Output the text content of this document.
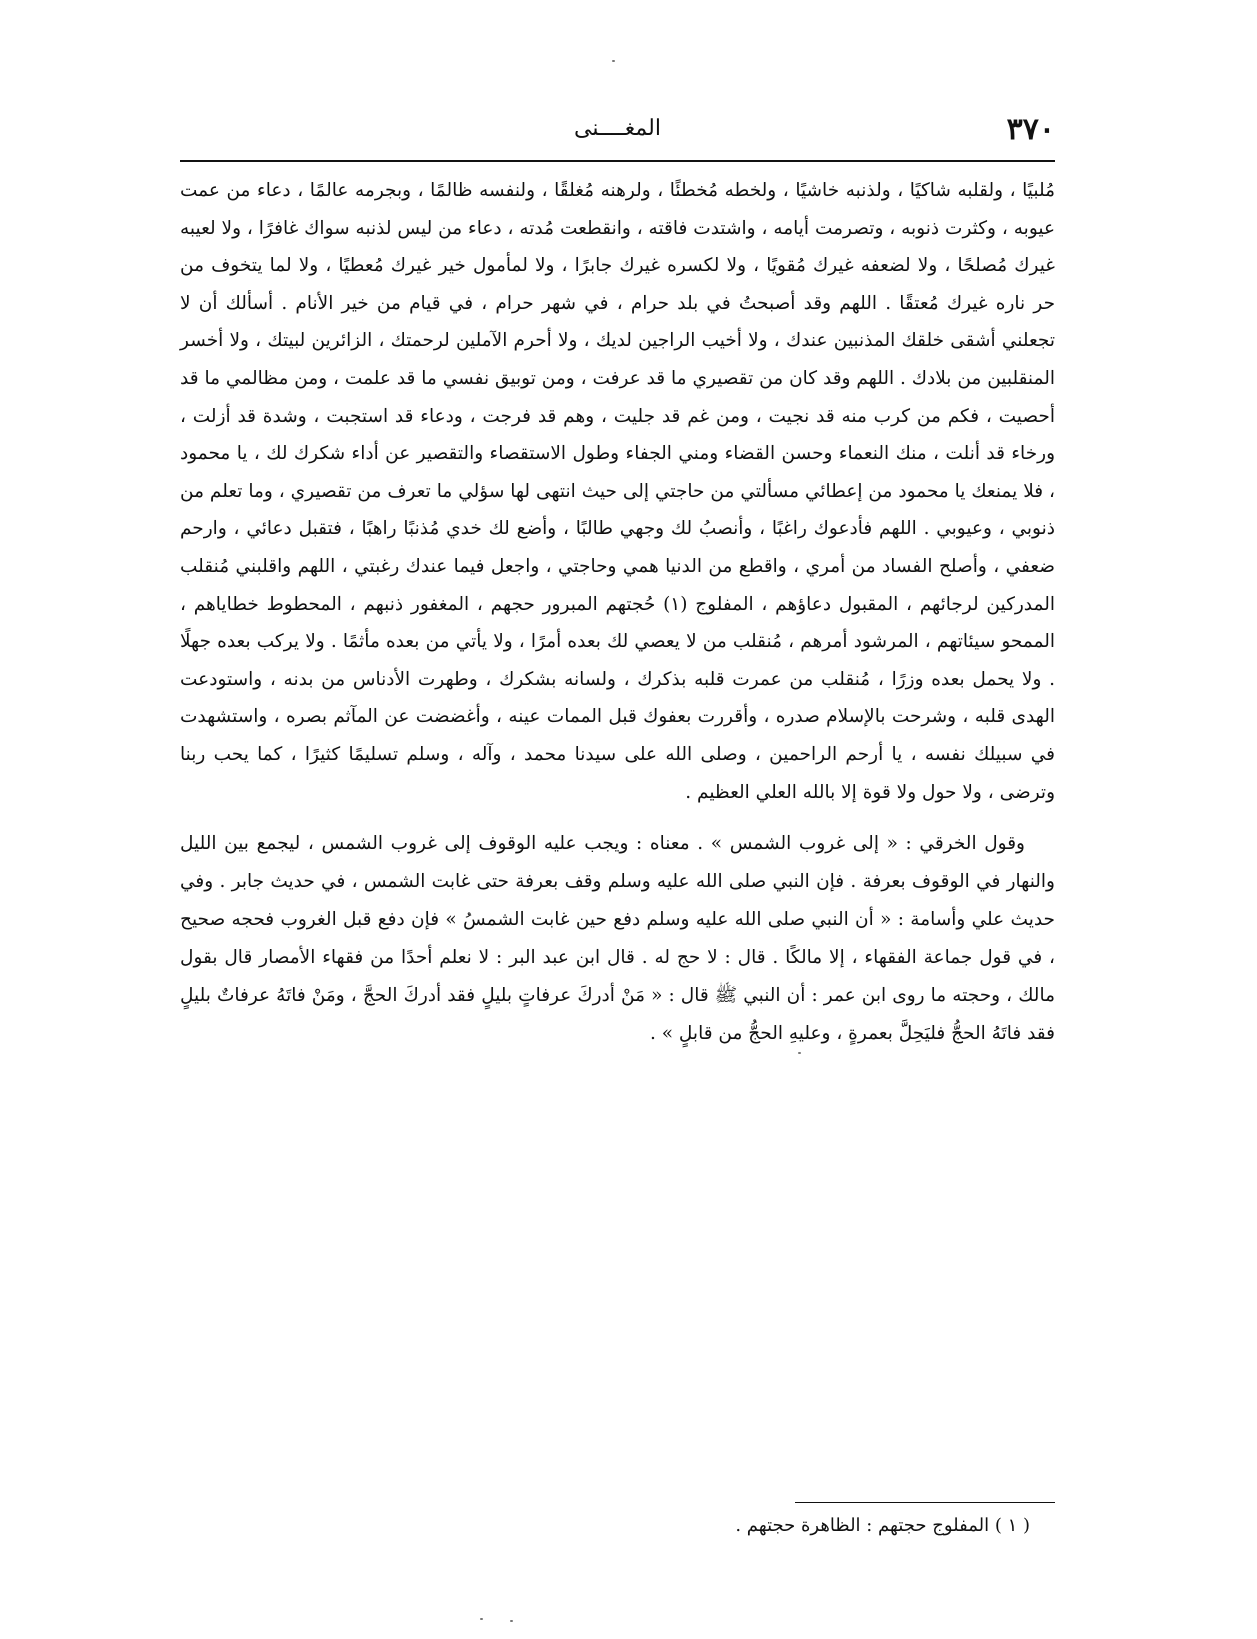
٣٧٠
المغــــنى

مُلبيًا ، ولقلبه شاكيًا ، ولذنبه خاشيًا ، ولخطه مُخطئًا ، ولرهنه مُغلقًا ، ولنفسه ظالمًا ، وبجرمه عالمًا ، دعاء من عمت عيوبه ، وكثرت ذنوبه ، وتصرمت أيامه ، واشتدت فاقته ، وانقطعت مُدته ، دعاء من ليس لذنبه سواك غافرًا ، ولا لعيبه غيرك مُصلحًا ، ولا لضعفه غيرك مُقويًا ، ولا لكسره غيرك جابرًا ، ولا لمأمول خير غيرك مُعطيًا ، ولا لما يتخوف من حر ناره غيرك مُعتقًا . اللهم وقد أصبحتُ في بلد حرام ، في شهر حرام ، في قيام من خير الأنام . أسألك أن لا تجعلني أشقى خلقك المذنبين عندك ، ولا أخيب الراجين لديك ، ولا أحرم الآملين لرحمتك ، الزائرين لبيتك ، ولا أخسر المنقلبين من بلادك . اللهم وقد كان من تقصيري ما قد عرفت ، ومن توبيق نفسي ما قد علمت ، ومن مظالمي ما قد أحصيت ، فكم من كرب منه قد نجيت ، ومن غم قد جليت ، وهم قد فرجت ، ودعاء قد استجبت ، وشدة قد أزلت ، ورخاء قد أنلت ، منك النعماء وحسن القضاء ومني الجفاء وطول الاستقصاء والتقصير عن أداء شكرك لك ، يا محمود ، فلا يمنعك يا محمود من إعطائي مسألتي من حاجتي إلى حيث انتهى لها سؤلي ما تعرف من تقصيري ، وما تعلم من ذنوبي ، وعيوبي . اللهم فأدعوك راغبًا ، وأنصبُ لك وجهي طالبًا ، وأضع لك خدي مُذنبًا راهبًا ، فتقبل دعائي ، وارحم ضعفي ، وأصلح الفساد من أمري ، واقطع من الدنيا همي وحاجتي ، واجعل فيما عندك رغبتي ، اللهم واقلبني مُنقلب المدركين لرجائهم ، المقبول دعاؤهم ، المفلوج (١) حُجتهم المبرور حجهم ، المغفور ذنبهم ، المحطوط خطاياهم ، الممحو سيئاتهم ، المرشود أمرهم ، مُنقلب من لا يعصي لك بعده أمرًا ، ولا يأتي من بعده مأثمًا . ولا يركب بعده جهلًا . ولا يحمل بعده وزرًا ، مُنقلب من عمرت قلبه بذكرك ، ولسانه بشكرك ، وطهرت الأدناس من بدنه ، واستودعت الهدى قلبه ، وشرحت بالإسلام صدره ، وأقررت بعفوك قبل الممات عينه ، وأغضضت عن المآثم بصره ، واستشهدت في سبيلك نفسه ، يا أرحم الراحمين ، وصلى الله على سيدنا محمد ، وآله ، وسلم تسليمًا كثيرًا ، كما يحب ربنا وترضى ، ولا حول ولا قوة إلا بالله العلي العظيم .

وقول الخرقي : « إلى غروب الشمس » . معناه : ويجب عليه الوقوف إلى غروب الشمس ، ليجمع بين الليل والنهار في الوقوف بعرفة . فإن النبي صلى الله عليه وسلم وقف بعرفة حتى غابت الشمس ، في حديث جابر . وفي حديث علي وأسامة : « أن النبي صلى الله عليه وسلم دفع حين غابت الشمسُ » فإن دفع قبل الغروب فحجه صحيح ، في قول جماعة الفقهاء ، إلا مالكًا . قال : لا حج له . قال ابن عبد البر : لا نعلم أحدًا من فقهاء الأمصار قال بقول مالك ، وحجته ما روى ابن عمر : أن النبي ﷺ قال : « مَنْ أدركَ عرفاتٍ بليلٍ فقد أدركَ الحجَّ ، ومَنْ فاتَهُ عرفاتٌ بليلٍ فقد فاتَهُ الحجُّ فليَحِلَّ بعمرةٍ ، وعليهِ الحجُّ من قابلٍ » .

( ١ ) المفلوج حجتهم : الظاهرة حجتهم .
